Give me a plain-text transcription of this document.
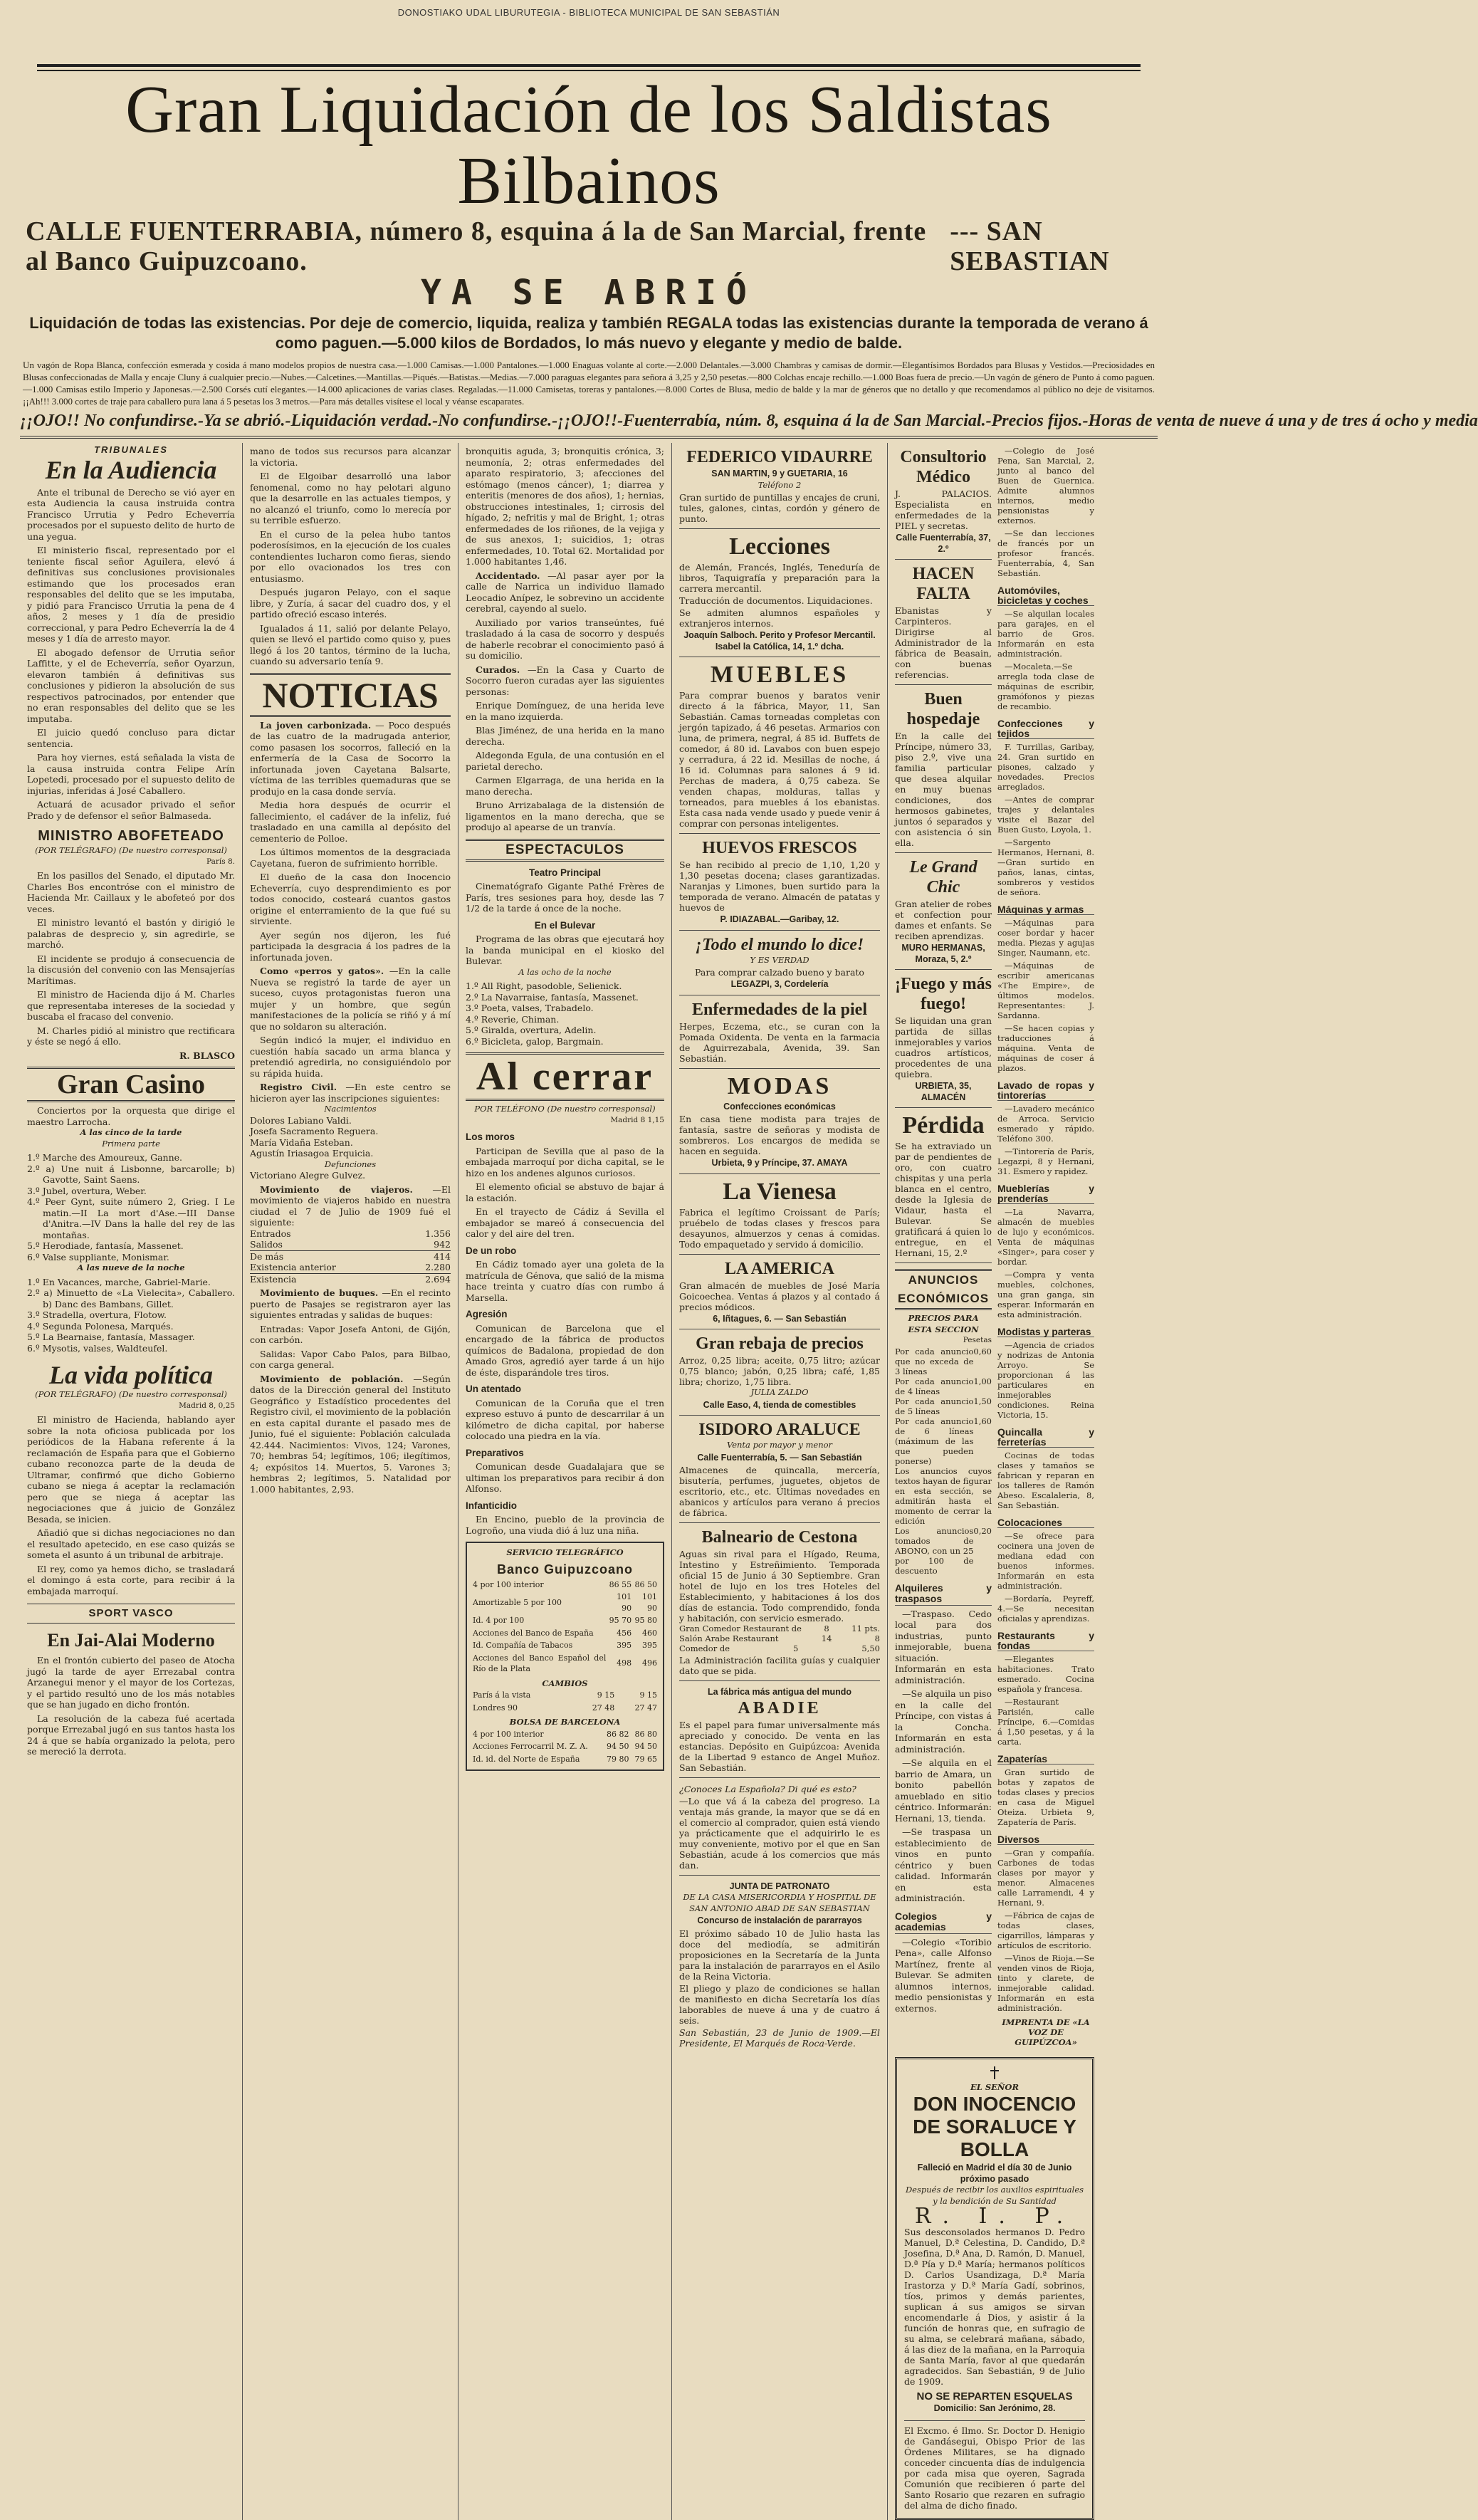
DONOSTIAKO UDAL LIBURUTEGIA - BIBLIOTECA MUNICIPAL DE SAN SEBASTIÁN
Gran Liquidación de los Saldistas Bilbainos
CALLE FUENTERRABIA, número 8, esquina á la de San Marcial, frente al Banco Guipuzcoano.
--- SAN SEBASTIAN
YA SE ABRIÓ
Liquidación de todas las existencias. Por deje de comercio, liquida, realiza y también REGALA todas las existencias durante la temporada de verano á como paguen.—5.000 kilos de Bordados, lo más nuevo y elegante y medio de balde.
Un vagón de Ropa Blanca, confección esmerada y cosida á mano modelos propios de nuestra casa.—1.000 Camisas.—1.000 Pantalones.—1.000 Enaguas volante al corte.—2.000 Delantales.—3.000 Chambras y camisas de dormir.—Elegantísimos Bordados para Blusas y Vestidos.—Preciosidades en Blusas confeccionadas de Malla y encaje Cluny á cualquier precio.—Nubes.—Calcetines.—Mantillas.—Piqués.—Batistas.—Medias.—7.000 paraguas elegantes para señora á 3,25 y 2,50 pesetas.—800 Colchas encaje rechillo.—1.000 Boas fuera de precio.—Un vagón de género de Punto á como paguen.—1.000 Camisas estilo Imperio y Japonesas.—2.500 Corsés cutí elegantes.—14.000 aplicaciones de varias clases. Regaladas.—11.000 Camisetas, toreras y pantalones.—8.000 Cortes de Blusa, medio de balde y la mar de géneros que no detallo y que recomendamos al público no deje de visitarnos. ¡¡Ah!!! 3.000 cortes de traje para caballero pura lana á 5 pesetas los 3 metros.—Para más detalles visítese el local y véanse escaparates.
¡¡OJO!! No confundirse.-Ya se abrió.-Liquidación verdad.-No confundirse.-¡¡OJO!!-Fuenterrabía, núm. 8, esquina á la de San Marcial.-Precios fijos.-Horas de venta de nueve á una y de tres á ocho y media
TRIBUNALES
En la Audiencia

Ante el tribunal de Derecho se vió ayer en esta Audiencia la causa instruida contra Francisco Urrutia y Pedro Echeverría procesados por el supuesto delito de hurto de una yegua.

El ministerio fiscal, representado por el teniente fiscal señor Aguilera, elevó á definitivas sus conclusiones provisionales estimando que los procesados eran responsables del delito que se les imputaba, y pidió para Francisco Urrutia la pena de 4 años, 2 meses y 1 día de presidio correccional, y para Pedro Echeverría la de 4 meses y 1 día de arresto mayor.

El abogado defensor de Urrutia señor Laffitte, y el de Echeverría, señor Oyarzun, elevaron también á definitivas sus conclusiones y pidieron la absolución de sus respectivos patrocinados, por entender que no eran responsables del delito que se les imputaba.

El juicio quedó concluso para dictar sentencia.

Para hoy viernes, está señalada la vista de la causa instruida contra Felipe Arín Lopetedi, procesado por el supuesto delito de injurias, inferidas á José Caballero.

Actuará de acusador privado el señor Prado y de defensor el señor Balmaseda.

MINISTRO ABOFETEADO
(POR TELÉGRAFO) (De nuestro corresponsal)
París 8.

En los pasillos del Senado, el diputado Mr. Charles Bos encontróse con el ministro de Hacienda Mr. Caillaux y le abofeteó por dos veces.

El ministro levantó el bastón y dirigió le palabras de desprecio y, sin agredirle, se marchó.

El incidente se produjo á consecuencia de la discusión del convenio con las Mensajerías Marítimas.

El ministro de Hacienda dijo á M. Charles que representaba intereses de la sociedad y buscaba el fracaso del convenio.

M. Charles pidió al ministro que rectificara y éste se negó á ello.

R. BLASCO
Gran Casino

Conciertos por la orquesta que dirige el maestro Larrocha.

A las cinco de la tarde
Primera parte
1.º Marche des Amoureux, Ganne.
2.º a) Une nuit á Lisbonne, barcarolle; b) Gavotte, Saint Saens.
3.º Jubel, overtura, Weber.
4.º Peer Gynt, suite número 2, Grieg. I Le matin.—II La mort d'Ase.—III Danse d'Anitra.—IV Dans la halle del rey de las montañas.
5.º Herodiade, fantasía, Massenet.
6.º Valse suppliante, Monismar.
A las nueve de la noche
1.º En Vacances, marche, Gabriel-Marie.
2.º a) Minuetto de «La Vielecita», Caballero. b) Danc des Bambans, Gillet.
3.º Stradella, overtura, Flotow.
4.º Segunda Polonesa, Marqués.
5.º La Bearnaise, fantasía, Massager.
6.º Mysotis, valses, Waldteufel.
La vida política
(POR TELÉGRAFO) (De nuestro corresponsal)
Madrid 8, 0,25

El ministro de Hacienda, hablando ayer sobre la nota oficiosa publicada por los periódicos de la Habana referente á la reclamación de España para que el Gobierno cubano reconozca parte de la deuda de Ultramar, confirmó que dicho Gobierno cubano se niega á aceptar la reclamación pero que se niega á aceptar las negociaciones que á juicio de González Besada, se inicien.

Añadió que si dichas negociaciones no dan el resultado apetecido, en ese caso quizás se someta el asunto á un tribunal de arbitraje.

El rey, como ya hemos dicho, se trasladará el domingo á esta corte, para recibir á la embajada marroquí.

SPORT VASCO
En Jai-Alai Moderno

En el frontón cubierto del paseo de Atocha jugó la tarde de ayer Errezabal contra Arzanegui menor y el mayor de los Cortezas, y el partido resultó uno de los más notables que se han jugado en dicho frontón.

La resolución de la cabeza fué acertada porque Errezabal jugó en sus tantos hasta los 24 á que se había organizado la pelota, pero se mereció la derrota.

mano de todos sus recursos para alcanzar la victoria.

El de Elgoibar desarrolló una labor fenomenal, como no hay pelotari alguno que la desarrolle en las actuales tiempos, y no alcanzó el triunfo, como lo merecía por su terrible esfuerzo.

En el curso de la pelea hubo tantos poderosísimos, en la ejecución de los cuales contendientes lucharon como fieras, siendo por ello ovacionados los tres con entusiasmo.

Después jugaron Pelayo, con el saque libre, y Zuría, á sacar del cuadro dos, y el partido ofreció escaso interés.

Igualados á 11, salió por delante Pelayo, quien se llevó el partido como quiso y, pues llegó á los 20 tantos, término de la lucha, cuando su adversario tenía 9.

NOTICIAS

La joven carbonizada. — Poco después de las cuatro de la madrugada anterior, como pasasen los socorros, falleció en la enfermería de la Casa de Socorro la infortunada joven Cayetana Balsarte, víctima de las terribles quemaduras que se produjo en la casa donde servía.

Media hora después de ocurrir el fallecimiento, el cadáver de la infeliz, fué trasladado en una camilla al depósito del cementerio de Polloe.

Los últimos momentos de la desgraciada Cayetana, fueron de sufrimiento horrible.

El dueño de la casa don Inocencio Echeverría, cuyo desprendimiento es por todos conocido, costeará cuantos gastos origine el enterramiento de la que fué su sirviente.

Ayer según nos dijeron, les fué participada la desgracia á los padres de la infortunada joven.

Como «perros y gatos». —En la calle Nueva se registró la tarde de ayer un suceso, cuyos protagonistas fueron una mujer y un hombre, que según manifestaciones de la policía se riñó y á mí que no soldaron su alteración.

Según indicó la mujer, el individuo en cuestión había sacado un arma blanca y pretendió agredirla, no consiguiéndolo por su rápida huida.

Registro Civil. —En este centro se hicieron ayer las inscripciones siguientes:

Nacimientos
Dolores Labiano Valdi.
Josefa Sacramento Reguera.
María Vidaña Esteban.
Agustín Iriasagoa Erquicia.
Defunciones
Victoriano Alegre Gulvez.

Movimiento de viajeros. —El movimiento de viajeros habido en nuestra ciudad el 7 de Julio de 1909 fué el siguiente:

Entrados	1.356
Salidos	942
De más	414
Existencia anterior	2.280
Existencia	2.694

Movimiento de buques. —En el recinto puerto de Pasajes se registraron ayer las siguientes entradas y salidas de buques:

Entradas: Vapor Josefa Antoni, de Gijón, con carbón.

Salidas: Vapor Cabo Palos, para Bilbao, con carga general.

Movimiento de población. —Según datos de la Dirección general del Instituto Geográfico y Estadístico procedentes del Registro civil, el movimiento de la población en esta capital durante el pasado mes de Junio, fué el siguiente: Población calculada 42.444. Nacimientos: Vivos, 124; Varones, 70; hembras 54; legítimos, 106; ilegítimos, 4; expósitos 14. Muertos, 5. Varones 3; hembras 2; legítimos, 5. Natalidad por 1.000 habitantes, 2,93.

bronquitis aguda, 3; bronquitis crónica, 3; neumonía, 2; otras enfermedades del aparato respiratorio, 3; afecciones del estómago (menos cáncer), 1; diarrea y enteritis (menores de dos años), 1; hernias, obstrucciones intestinales, 1; cirrosis del hígado, 2; nefritis y mal de Bright, 1; otras enfermedades de los riñones, de la vejiga y de sus anexos, 1; suicidios, 1; otras enfermedades, 10. Total 62. Mortalidad por 1.000 habitantes 1,46.

Accidentado. —Al pasar ayer por la calle de Narrica un individuo llamado Leocadio Anípez, le sobrevino un accidente cerebral, cayendo al suelo.

Auxiliado por varios transeúntes, fué trasladado á la casa de socorro y después de haberle recobrar el conocimiento pasó á su domicilio.

Curados. —En la Casa y Cuarto de Socorro fueron curadas ayer las siguientes personas:

Enrique Domínguez, de una herida leve en la mano izquierda.

Blas Jiménez, de una herida en la mano derecha.

Aldegonda Egula, de una contusión en el parietal derecho.

Carmen Elgarraga, de una herida en la mano derecha.

Bruno Arrizabalaga de la distensión de ligamentos en la mano derecha, que se produjo al apearse de un tranvía.

ESPECTACULOS
Teatro Principal

Cinematógrafo Gigante Pathé Frères de París, tres sesiones para hoy, desde las 7 1/2 de la tarde á once de la noche.

En el Bulevar

Programa de las obras que ejecutará hoy la banda municipal en el kiosko del Bulevar.

A las ocho de la noche
1.º All Right, pasodoble, Selienick.
2.º La Navarraise, fantasía, Massenet.
3.º Poeta, valses, Trabadelo.
4.º Reverie, Chiman.
5.º Giralda, overtura, Adelin.
6.º Bicicleta, galop, Bargmain.
Al cerrar
POR TELÉFONO (De nuestro corresponsal)
Madrid 8 1,15
Los moros

Participan de Sevilla que al paso de la embajada marroquí por dicha capital, se le hizo en los andenes algunos curiosos.

El elemento oficial se abstuvo de bajar á la estación.

En el trayecto de Cádiz á Sevilla el embajador se mareó á consecuencia del calor y del aire del tren.

De un robo

En Cádiz tomado ayer una goleta de la matrícula de Génova, que salió de la misma hace treinta y cuatro días con rumbo á Marsella.

Agresión

Comunican de Barcelona que el encargado de la fábrica de productos químicos de Badalona, propiedad de don Amado Gros, agredió ayer tarde á un hijo de éste, disparándole tres tiros.

Un atentado

Comunican de la Coruña que el tren expreso estuvo á punto de descarrilar á un kilómetro de dicha capital, por haberse colocado una piedra en la vía.

Preparativos

Comunican desde Guadalajara que se ultiman los preparativos para recibir á don Alfonso.

Infanticidio

En Encino, pueblo de la provincia de Logroño, una viuda dió á luz una niña.

SERVICIO TELEGRÁFICO
Banco Guipuzcoano
4 por 100 interior	86 55	86 50
Amortizable 5 por 100	101 90	101 90
Id. 4 por 100	95 70	95 80
Acciones del Banco de España	456	460
Id. Compañía de Tabacos	395	395
Acciones del Banco Español del Río de la Plata	498	496
CAMBIOS
París á la vista	9 15	9 15
Londres 90	27 48	27 47
BOLSA DE BARCELONA
4 por 100 interior	86 82	86 80
Acciones Ferrocarril M. Z. A.	94 50	94 50
Id. id. del Norte de España	79 80	79 65
FEDERICO VIDAURRE
SAN MARTIN, 9 y GUETARIA, 16
Teléfono 2
Gran surtido de puntillas y encajes de cruni, tules, galones, cintas, cordón y género de punto.
Lecciones
de Alemán, Francés, Inglés, Teneduría de libros, Taquigrafía y preparación para la carrera mercantil.
Traducción de documentos. Liquidaciones.
Se admiten alumnos españoles y extranjeros internos.
Joaquín Salboch. Perito y Profesor Mercantil. Isabel la Católica, 14, 1.º dcha.
MUEBLES
Para comprar buenos y baratos venir directo á la fábrica, Mayor, 11, San Sebastián. Camas torneadas completas con jergón tapizado, á 46 pesetas. Armarios con luna, de primera, negral, á 85 id. Buffets de comedor, á 80 id. Lavabos con buen espejo y cerradura, á 22 id. Mesillas de noche, á 16 id. Columnas para salones á 9 id. Perchas de madera, á 0,75 cabeza. Se venden chapas, molduras, tallas y torneados, para muebles á los ebanistas. Esta casa nada vende usado y puede venir á comprar con personas inteligentes.
HUEVOS FRESCOS
Se han recibido al precio de 1,10, 1,20 y 1,30 pesetas docena; clases garantizadas. Naranjas y Limones, buen surtido para la temporada de verano. Almacén de patatas y huevos de
P. IDIAZABAL.—Garibay, 12.
¡Todo el mundo lo dice!
Y ES VERDAD
Para comprar calzado bueno y barato
LEGAZPI, 3, Cordelería
Enfermedades de la piel
Herpes, Eczema, etc., se curan con la Pomada Oxidenta. De venta en la farmacia de Aguirrezabala, Avenida, 39. San Sebastián.
MODAS
Confecciones económicas
En casa tiene modista para trajes de fantasía, sastre de señoras y modista de sombreros. Los encargos de medida se hacen en seguida.
Urbieta, 9 y Príncipe, 37. AMAYA
La Vienesa
Fabrica el legítimo Croissant de París; pruébelo de todas clases y frescos para desayunos, almuerzos y cenas á comidas. Todo empaquetado y servido á domicilio.
LA AMERICA
Gran almacén de muebles de José María Goicoechea. Ventas á plazos y al contado á precios módicos.
6, Iñtagues, 6. — San Sebastián
Gran rebaja de precios
Arroz, 0,25 libra; aceite, 0,75 litro; azúcar 0,75 blanco; jabón, 0,25 libra; café, 1,85 libra; chorizo, 1,75 libra.
JULIA ZALDO
Calle Easo, 4, tienda de comestibles
ISIDORO ARALUCE
Venta por mayor y menor
Calle Fuenterrabía, 5. — San Sebastián
Almacenes de quincalla, mercería, bisutería, perfumes, juguetes, objetos de escritorio, etc., etc. Últimas novedades en abanicos y artículos para verano á precios de fábrica.
Balneario de Cestona
Aguas sin rival para el Hígado, Reuma, Intestino y Estreñimiento. Temporada oficial 15 de Junio á 30 Septiembre. Gran hotel de lujo en los tres Hoteles del Establecimiento, y habitaciones á los dos días de estancia. Todo comprendido, fonda y habitación, con servicio esmerado.
Gran Comedor Restaurant de	8	11 pts.
Salón Arabe Restaurant	14	8
Comedor de	5	5,50
La Administración facilita guías y cualquier dato que se pida.
La fábrica más antigua del mundo
ABADIE
Es el papel para fumar universalmente más apreciado y conocido. De venta en las estancias. Depósito en Guipúzcoa: Avenida de la Libertad 9 estanco de Angel Muñoz. San Sebastián.
¿Conoces La Española? Di qué es esto?
—Lo que vá á la cabeza del progreso. La ventaja más grande, la mayor que se dá en el comercio al comprador, quien está viendo ya prácticamente que el adquirirlo le es muy conveniente, motivo por el que en San Sebastián, acude á los comercios que más dan.
JUNTA DE PATRONATO
DE LA CASA MISERICORDIA Y HOSPITAL DE SAN ANTONIO ABAD DE SAN SEBASTIAN
Concurso de instalación de pararrayos
El próximo sábado 10 de Julio hasta las doce del mediodía, se admitirán proposiciones en la Secretaría de la Junta para la instalación de pararrayos en el Asilo de la Reina Victoria.
El pliego y plazo de condiciones se hallan de manifiesto en dicha Secretaría los días laborables de nueve á una y de cuatro á seis.
San Sebastián, 23 de Junio de 1909.—El Presidente, El Marqués de Roca-Verde.
Consultorio Médico
J. PALACIOS. Especialista en enfermedades de la PIEL y secretas.
Calle Fuenterrabía, 37, 2.º
HACEN FALTA
Ebanistas y Carpinteros. Dirigirse al Administrador de la fábrica de Beasain, con buenas referencias.
Buen hospedaje
En la calle del Príncipe, número 33, piso 2.º, vive una familia particular que desea alquilar en muy buenas condiciones, dos hermosos gabinetes, juntos ó separados y con asistencia ó sin ella.
Le Grand Chic
Gran atelier de robes et confection pour dames et enfants. Se reciben aprendizas.
MURO HERMANAS, Moraza, 5, 2.º
¡Fuego y más fuego!
Se liquidan una gran partida de sillas inmejorables y varios cuadros artísticos, procedentes de una quiebra.
URBIETA, 35, ALMACÉN
Pérdida
Se ha extraviado un par de pendientes de oro, con cuatro chispitas y una perla blanca en el centro, desde la Iglesia de Vidaur, hasta el Bulevar. Se gratificará á quien lo entregue, en el Hernani, 15, 2.º
ANUNCIOS ECONÓMICOS
PRECIOS PARA ESTA SECCION
Pesetas
Por cada anuncio que no exceda de 3 líneas
0,60
Por cada anuncio de 4 líneas
1,00
Por cada anuncio de 5 líneas
1,50
Por cada anuncio de 6 líneas (máximum de las que pueden ponerse)
1,60
Los anuncios cuyos textos hayan de figurar en esta sección, se admitirán hasta el momento de cerrar la edición
Los anuncios tomados de ABONO, con un 25 por 100 de descuento
0,20
Alquileres y traspasos
—Traspaso. Cedo local para dos industrias, punto inmejorable, buena situación. Informarán en esta administración.
—Se alquila un piso en la calle del Príncipe, con vistas á la Concha. Informarán en esta administración.
—Se alquila en el barrio de Amara, un bonito pabellón amueblado en sitio céntrico. Informarán: Hernani, 13, tienda.
—Se traspasa un establecimiento de vinos en punto céntrico y buen calidad. Informarán en esta administración.
Colegios y academias
—Colegio «Toribio Pena», calle Alfonso Martínez, frente al Bulevar. Se admiten alumnos internos, medio pensionistas y externos.
—Colegio de José Pena, San Marcial, 2, junto al banco del Buen de Guernica. Admite alumnos internos, medio pensionistas y externos.
—Se dan lecciones de francés por un profesor francés. Fuenterrabía, 4, San Sebastián.
Automóviles, bicicletas y coches
—Se alquilan locales para garajes, en el barrio de Gros. Informarán en esta administración.
—Mocaleta.—Se arregla toda clase de máquinas de escribir, gramófonos y piezas de recambio.
Confecciones y tejidos
F. Turrillas, Garibay, 24. Gran surtido en pisones, calzado y novedades. Precios arreglados.
—Antes de comprar trajes y delantales visite el Bazar del Buen Gusto, Loyola, 1.
—Sargento Hermanos, Hernani, 8.—Gran surtido en paños, lanas, cintas, sombreros y vestidos de señora.
Máquinas y armas
—Máquinas para coser bordar y hacer media. Piezas y agujas Singer, Naumann, etc.
—Máquinas de escribir americanas «The Empire», de últimos modelos. Representantes: J. Sardanna.
—Se hacen copias y traducciones á máquina. Venta de máquinas de coser á plazos.
Lavado de ropas y tintorerías
—Lavadero mecánico de Arroca. Servicio esmerado y rápido. Teléfono 300.
—Tintorería de París, Legazpi, 8 y Hernani, 31. Esmero y rapidez.
Mueblerías y prenderías
—La Navarra, almacén de muebles de lujo y económicos. Venta de máquinas «Singer», para coser y bordar.
—Compra y venta muebles, colchones, una gran ganga, sin esperar. Informarán en esta administración.
Modistas y parteras
—Agencia de criados y nodrizas de Antonia Arroyo. Se proporcionan á las particulares en inmejorables condiciones. Reina Victoria, 15.
Quincalla y ferreterías
Cocinas de todas clases y tamaños se fabrican y reparan en los talleres de Ramón Abeso. Escalaleria, 8, San Sebastián.
Colocaciones
—Se ofrece para cocinera una joven de mediana edad con buenos informes. Informarán en esta administración.
—Bordaría, Peyreff, 4.—Se necesitan oficialas y aprendizas.
Restaurants y fondas
—Elegantes habitaciones. Trato esmerado. Cocina española y francesa.
—Restaurant Parisién, calle Príncipe, 6.—Comidas á 1,50 pesetas, y á la carta.
Zapaterías
Gran surtido de botas y zapatos de todas clases y precios en casa de Miguel Oteiza. Urbieta 9, Zapatería de París.
Diversos
—Gran y compañía. Carbones de todas clases por mayor y menor. Almacenes calle Larramendi, 4 y Hernani, 9.
—Fábrica de cajas de todas clases, cigarrillos, lámparas y artículos de escritorio.
—Vinos de Rioja.—Se venden vinos de Rioja, tinto y clarete, de inmejorable calidad. Informarán en esta administración.
IMPRENTA DE «LA VOZ DE GUIPÚZCOA»
EL SEÑOR
DON INOCENCIO DE SORALUCE Y BOLLA
Falleció en Madrid el día 30 de Junio próximo pasado
Después de recibir los auxilios espirituales y la bendición de Su Santidad
R. I. P.
Sus desconsolados hermanos D. Pedro Manuel, D.ª Celestina, D. Candido, D.ª Josefina, D.ª Ana, D. Ramón, D. Manuel, D.ª Pía y D.ª María; hermanos políticos D. Carlos Usandizaga, D.ª María Irastorza y D.ª María Gadí, sobrinos, tíos, primos y demás parientes, suplican á sus amigos se sirvan encomendarle á Dios, y asistir á la función de honras que, en sufragio de su alma, se celebrará mañana, sábado, á las diez de la mañana, en la Parroquia de Santa María, favor al que quedarán agradecidos. San Sebastián, 9 de Julio de 1909.
NO SE REPARTEN ESQUELAS
Domicilio: San Jerónimo, 28.
El Excmo. é Ilmo. Sr. Doctor D. Henigio de Gandásegui, Obispo Prior de las Órdenes Militares, se ha dignado conceder cincuenta días de indulgencia por cada misa que oyeren, Sagrada Comunión que recibieren ó parte del Santo Rosario que rezaren en sufragio del alma de dicho finado.
